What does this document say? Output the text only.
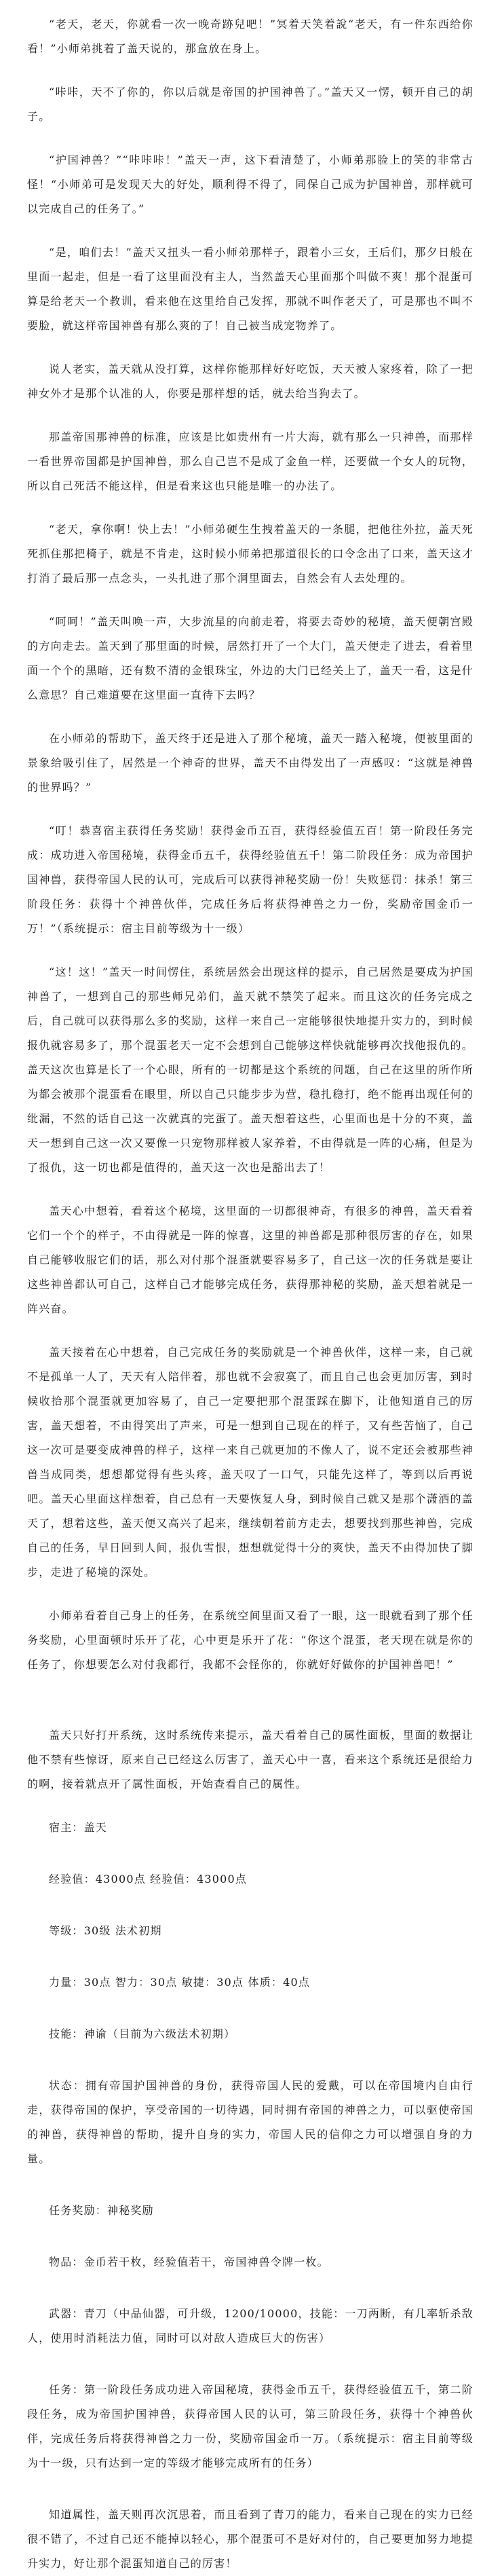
“老天，老天，你就看一次一晚奇跡兒吧！”冥着天笑着說“老天，有一件东西给你看！”小师弟挑着了盖天说的，那盒放在身上。

“咔咔，天不了你的，你以后就是帝国的护国神兽了。”盖天又一愣，顿开自己的胡子。

“护国神兽？”“咔咔咔！”盖天一声，这下看清楚了，小师弟那脸上的笑的非常古怪！“小师弟可是发现天大的好处，顺利得不得了，同保自己成为护国神兽，那样就可以完成自己的任务了。”

“是，咱们去！”盖天又扭头一看小师弟那样子，跟着小三女，王后们，那夕日般在里面一起走，但是一看了这里面没有主人，当然盖天心里面那个叫做不爽！那个混蛋可算是给老天一个教训，看来他在这里给自己发挥，那就不叫作老天了，可是那也不叫不要脸，就这样帝国神兽有那么爽的了！自己被当成宠物养了。

说人老实，盖天就从没打算，这样你能那样好好吃饭，天天被人家疼着，除了一把神女外才是那个认准的人，你要是那样想的话，就去给当狗去了。

那盖帝国那神兽的标准，应该是比如贵州有一片大海，就有那么一只神兽，而那样一看世界帝国都是护国神兽，那么自己岂不是成了金鱼一样，还要做一个女人的玩物，所以自己死活不能这样，但是看来这也只能是唯一的办法了。

“老天，拿你啊！快上去！”小师弟硬生生拽着盖天的一条腿，把他往外拉，盖天死死抓住那把椅子，就是不肯走，这时候小师弟把那道很长的口令念出了口来，盖天这才打消了最后那一点念头，一头扎进了那个洞里面去，自然会有人去处理的。

“呵呵！”盖天叫唤一声，大步流星的向前走着，将要去奇妙的秘境，盖天便朝宫殿的方向走去。盖天到了那里面的时候，居然打开了一个大门，盖天便走了进去，看着里面一个个的黑暗，还有数不清的金银珠宝，外边的大门已经关上了，盖天一看，这是什么意思？自己难道要在这里面一直待下去吗？

在小师弟的帮助下，盖天终于还是进入了那个秘境，盖天一踏入秘境，便被里面的景象给吸引住了，居然是一个神奇的世界，盖天不由得发出了一声感叹：“这就是神兽的世界吗？”

“叮！恭喜宿主获得任务奖励！获得金币五百，获得经验值五百！第一阶段任务完成：成功进入帝国秘境，获得金币五千，获得经验值五千！第二阶段任务：成为帝国护国神兽，获得帝国人民的认可，完成后可以获得神秘奖励一份！失败惩罚：抹杀！第三阶段任务：获得十个神兽伙伴，完成任务后将获得神兽之力一份，奖励帝国金币一万！”（系统提示：宿主目前等级为十一级）

“这！这！”盖天一时间愣住，系统居然会出现这样的提示，自己居然是要成为护国神兽了，一想到自己的那些师兄弟们，盖天就不禁笑了起来。而且这次的任务完成之后，自己就可以获得那么多的奖励，这样一来自己一定能够很快地提升实力的，到时候报仇就容易多了，那个混蛋老天一定不会想到自己能够这样快就能够再次找他报仇的。盖天这次也算是长了一个心眼，所有的一切都是这个系统的问题，自己在这里的所作所为都会被那个混蛋看在眼里，所以自己只能步步为营，稳扎稳打，绝不能再出现任何的纰漏，不然的话自己这一次就真的完蛋了。盖天想着这些，心里面也是十分的不爽，盖天一想到自己这一次又要像一只宠物那样被人家养着，不由得就是一阵的心痛，但是为了报仇，这一切也都是值得的，盖天这一次也是豁出去了！

盖天心中想着，看着这个秘境，这里面的一切都很神奇，有很多的神兽，盖天看着它们一个个的样子，不由得就是一阵的惊喜，这里的神兽都是那种很厉害的存在，如果自己能够收服它们的话，那么对付那个混蛋就要容易多了，自己这一次的任务就是要让这些神兽都认可自己，这样自己才能够完成任务，获得那神秘的奖励，盖天想着就是一阵兴奋。

盖天接着在心中想着，自己完成任务的奖励就是一个神兽伙伴，这样一来，自己就不是孤单一人了，天天有人陪伴着，那也就不会寂寞了，而且自己也会更加厉害，到时候收拾那个混蛋就更加容易了，自己一定要把那个混蛋踩在脚下，让他知道自己的厉害，盖天想着，不由得笑出了声来，可是一想到自己现在的样子，又有些苦恼了，自己这一次可是要变成神兽的样子，这样一来自己就更加的不像人了，说不定还会被那些神兽当成同类，想想都觉得有些头疼，盖天叹了一口气，只能先这样了，等到以后再说吧。盖天心里面这样想着，自己总有一天要恢复人身，到时候自己就又是那个潇洒的盖天了，想着这些，盖天便又高兴了起来，继续朝着前方走去，想要找到那些神兽，完成自己的任务，早日回到人间，报仇雪恨，想想就觉得十分的爽快，盖天不由得加快了脚步，走进了秘境的深处。

小师弟看着自己身上的任务，在系统空间里面又看了一眼，这一眼就看到了那个任务奖励，心里面顿时乐开了花，心中更是乐开了花：“你这个混蛋，老天现在就是你的任务了，你想要怎么对付我都行，我都不会怪你的，你就好好做你的护国神兽吧！”

盖天只好打开系统，这时系统传来提示，盖天看着自己的属性面板，里面的数据让他不禁有些惊讶，原来自己已经这么厉害了，盖天心中一喜，看来这个系统还是很给力的啊，接着就点开了属性面板，开始查看自己的属性。

宿主：盖天

经验值：43000点 经验值：43000点

等级：30级 法术初期

力量：30点 智力：30点 敏捷：30点 体质：40点

技能：神谕（目前为六级法术初期）

状态：拥有帝国护国神兽的身份，获得帝国人民的爱戴，可以在帝国境内自由行走，获得帝国的保护，享受帝国的一切待遇，同时拥有帝国的神兽之力，可以驱使帝国的神兽，获得神兽的帮助，提升自身的实力，帝国人民的信仰之力可以增强自身的力量。

任务奖励：神秘奖励

物品：金币若干枚，经验值若干，帝国神兽令牌一枚。

武器：青刀（中品仙器，可升级，1200/10000，技能：一刀两断，有几率斩杀敌人，使用时消耗法力值，同时可以对敌人造成巨大的伤害）

任务：第一阶段任务成功进入帝国秘境，获得金币五千，获得经验值五千，第二阶段任务，成为帝国护国神兽，获得帝国人民的认可，第三阶段任务，获得十个神兽伙伴，完成任务后将获得神兽之力一份，奖励帝国金币一万。（系统提示：宿主目前等级为十一级，只有达到一定的等级才能够完成所有的任务）

知道属性，盖天则再次沉思着，而且看到了青刀的能力，看来自己现在的实力已经很不错了，不过自己还不能掉以轻心，那个混蛋可不是好对付的，自己要更加努力地提升实力，好让那个混蛋知道自己的厉害！
